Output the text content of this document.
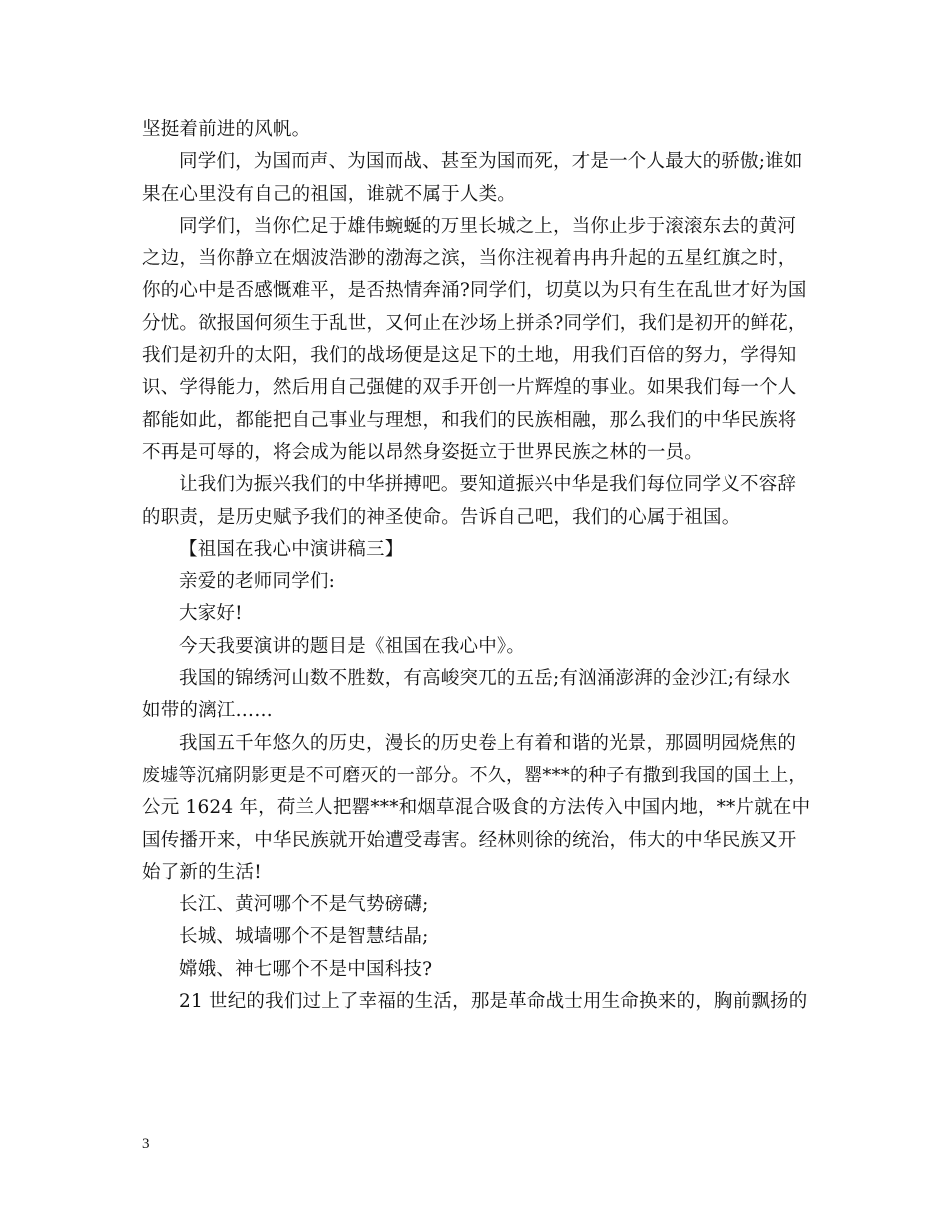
坚挺着前进的风帆。
同学们，为国而声、为国而战、甚至为国而死，才是一个人最大的骄傲;谁如
果在心里没有自己的祖国，谁就不属于人类。
同学们，当你伫足于雄伟蜿蜒的万里长城之上，当你止步于滚滚东去的黄河
之边，当你静立在烟波浩渺的渤海之滨，当你注视着冉冉升起的五星红旗之时，
你的心中是否感慨难平，是否热情奔涌?同学们，切莫以为只有生在乱世才好为国
分忧。欲报国何须生于乱世，又何止在沙场上拼杀?同学们，我们是初开的鲜花，
我们是初升的太阳，我们的战场便是这足下的土地，用我们百倍的努力，学得知
识、学得能力，然后用自己强健的双手开创一片辉煌的事业。如果我们每一个人
都能如此，都能把自己事业与理想，和我们的民族相融，那么我们的中华民族将
不再是可辱的，将会成为能以昂然身姿挺立于世界民族之林的一员。
让我们为振兴我们的中华拼搏吧。要知道振兴中华是我们每位同学义不容辞
的职责，是历史赋予我们的神圣使命。告诉自己吧，我们的心属于祖国。
【祖国在我心中演讲稿三】
亲爱的老师同学们:
大家好!
今天我要演讲的题目是《祖国在我心中》。
我国的锦绣河山数不胜数，有高峻突兀的五岳;有汹涌澎湃的金沙江;有绿水
如带的漓江……
我国五千年悠久的历史，漫长的历史卷上有着和谐的光景，那圆明园烧焦的
废墟等沉痛阴影更是不可磨灭的一部分。不久，罂***的种子有撒到我国的国土上，
公元 1624 年，荷兰人把罂***和烟草混合吸食的方法传入中国内地，**片就在中
国传播开来，中华民族就开始遭受毒害。经林则徐的统治，伟大的中华民族又开
始了新的生活!
长江、黄河哪个不是气势磅礴;
长城、城墙哪个不是智慧结晶;
嫦娥、神七哪个不是中国科技?
21 世纪的我们过上了幸福的生活，那是革命战士用生命换来的，胸前飘扬的
3
